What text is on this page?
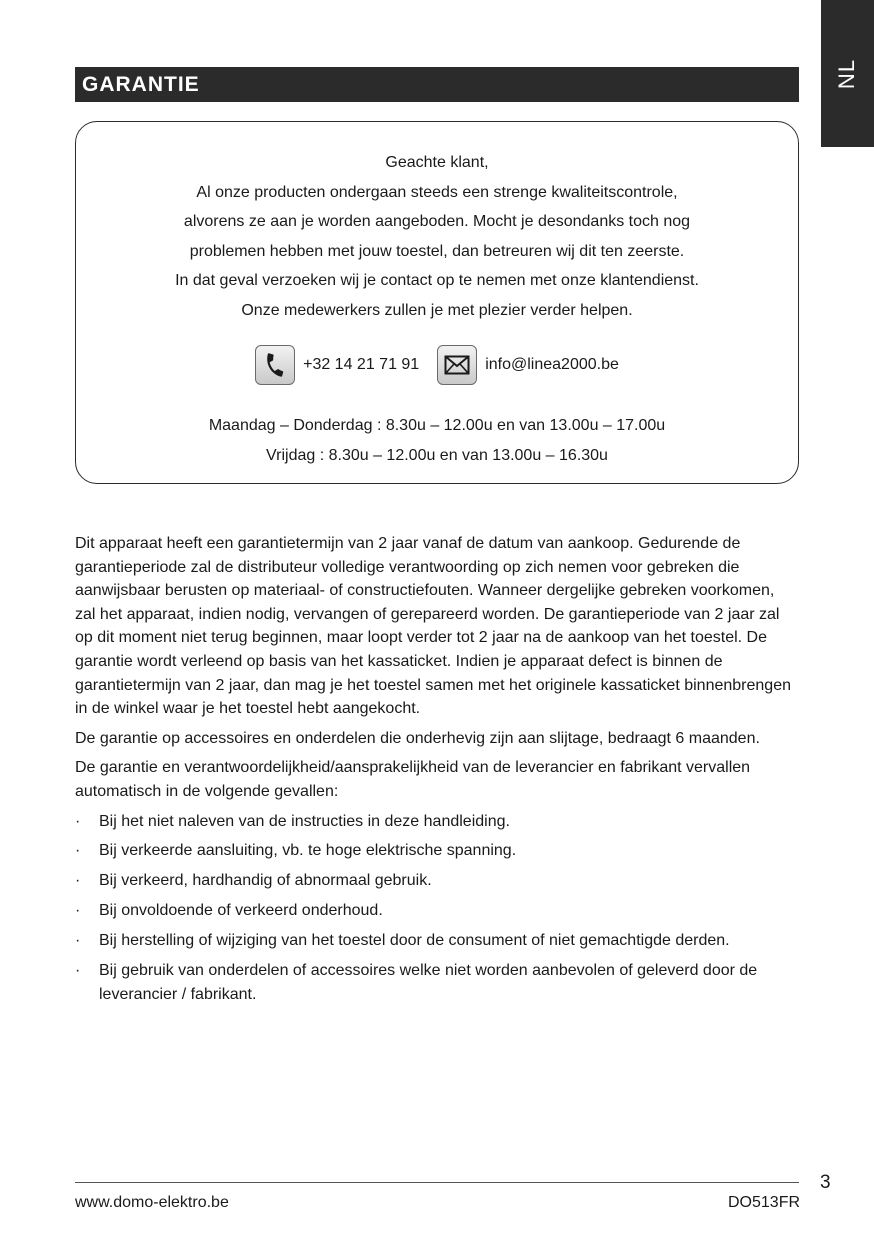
NL
GARANTIE
Geachte klant,
Al onze producten ondergaan steeds een strenge kwaliteitscontrole,
alvorens ze aan je worden aangeboden. Mocht je desondanks toch nog
problemen hebben met jouw toestel, dan betreuren wij dit ten zeerste.
In dat geval verzoeken wij je contact op te nemen met onze klantendienst.
Onze medewerkers zullen je met plezier verder helpen.
+32 14 21 71 91	info@linea2000.be
Maandag – Donderdag : 8.30u – 12.00u en van 13.00u – 17.00u
Vrijdag : 8.30u – 12.00u en van 13.00u – 16.30u

Dit apparaat heeft een garantietermijn van 2 jaar vanaf de datum van aankoop. Gedurende de garantieperiode zal de distributeur volledige verantwoording op zich nemen voor gebreken die aanwijsbaar berusten op materiaal- of constructiefouten. Wanneer dergelijke gebreken voorkomen, zal het apparaat, indien nodig, vervangen of gerepareerd worden. De garantieperiode van 2 jaar zal op dit moment niet terug beginnen, maar loopt verder tot 2 jaar na de aankoop van het toestel. De garantie wordt verleend op basis van het kassaticket. Indien je apparaat defect is binnen de garantietermijn van 2 jaar, dan mag je het toestel samen met het originele kassaticket binnenbrengen in de winkel waar je het toestel hebt aangekocht.

De garantie op accessoires en onderdelen die onderhevig zijn aan slijtage, bedraagt 6 maanden.

De garantie en verantwoordelijkheid/aansprakelijkheid van de leverancier en fabrikant vervallen automatisch in de volgende gevallen:

· Bij het niet naleven van de instructies in deze handleiding.
· Bij verkeerde aansluiting, vb. te hoge elektrische spanning.
· Bij verkeerd, hardhandig of abnormaal gebruik.
· Bij onvoldoende of verkeerd onderhoud.
· Bij herstelling of wijziging van het toestel door de consument of niet gemachtigde derden.
· Bij gebruik van onderdelen of accessoires welke niet worden aanbevolen of geleverd door de leverancier / fabrikant.
3
www.domo-elektro.be	DO513FR
